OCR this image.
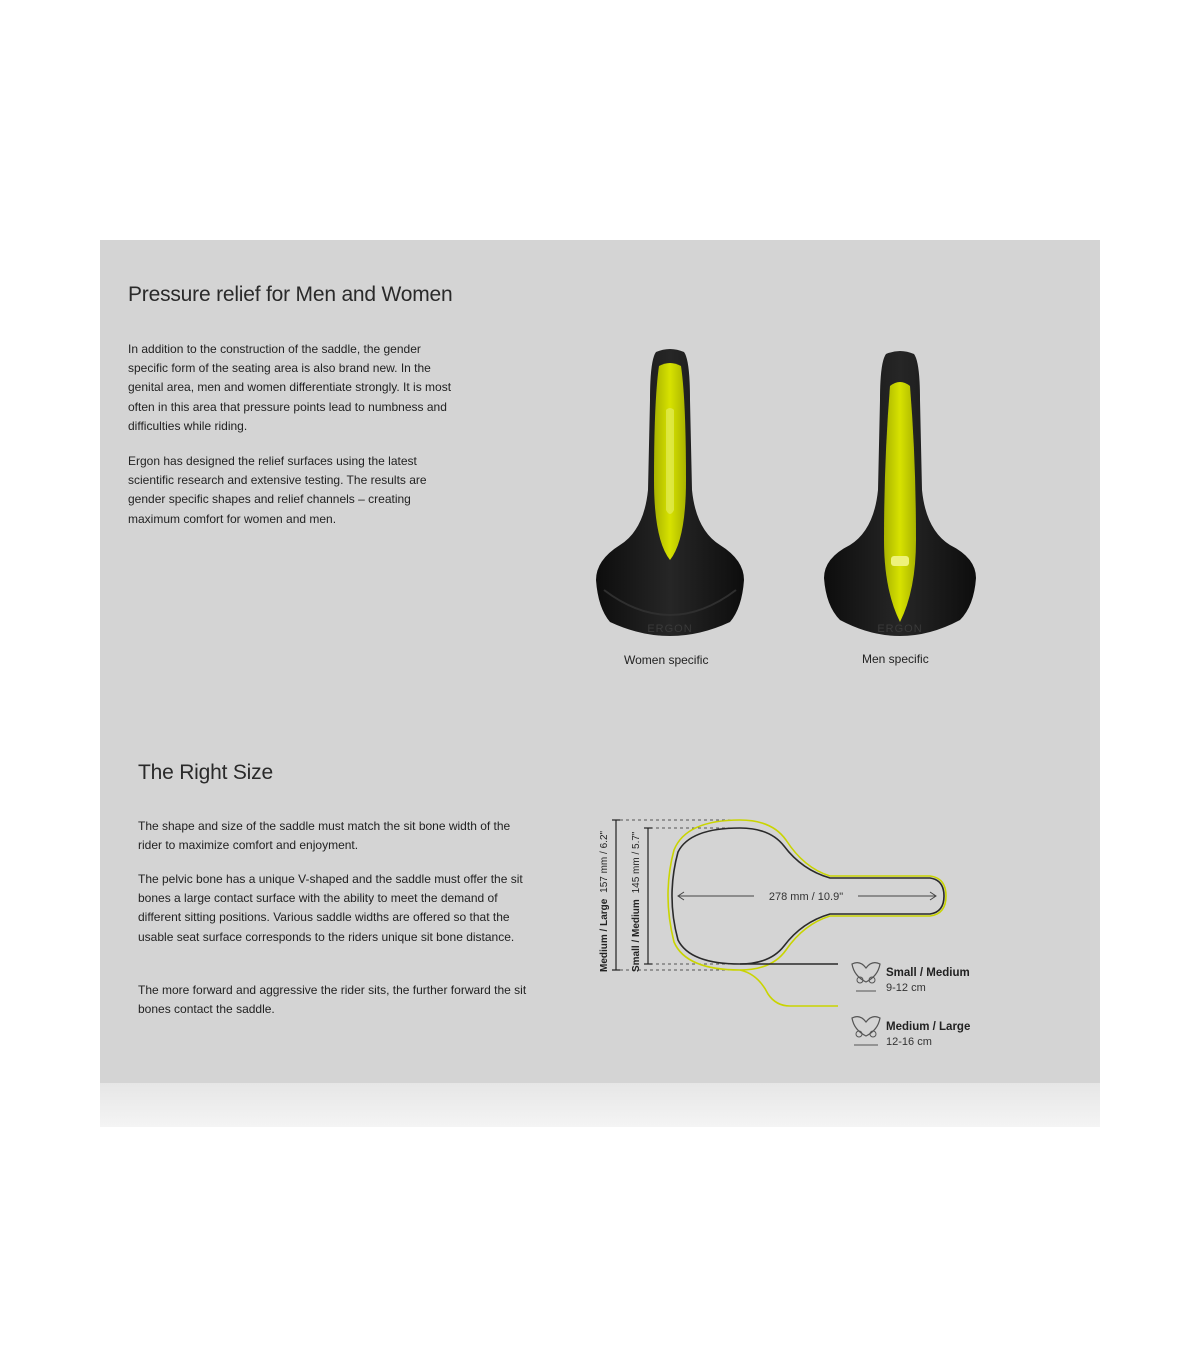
Pressure relief for Men and Women

In addition to the construction of the saddle, the gender specific form of the seating area is also brand new. In the genital area, men and women differentiate strongly. It is most often in this area that pressure points lead to numbness and difficulties while riding.

Ergon has designed the relief surfaces using the latest scientific research and extensive testing. The results are gender specific shapes and relief channels – creating maximum comfort for women and men.

ERGON	ERGON
Women specific	Men specific
The Right Size

The shape and size of the saddle must match the sit bone width of the rider to maximize comfort and enjoyment.

The pelvic bone has a unique V-shaped and the saddle must offer the sit bones a large contact surface with the ability to meet the demand of different sitting positions. Various saddle widths are offered so that the usable seat surface corresponds to the riders unique sit bone distance.

The more forward and aggressive the rider sits, the further forward the sit bones contact the saddle.

Medium / Large 157 mm / 6.2"
Small / Medium 145 mm / 5.7"
278 mm / 10.9"
Small / Medium
9-12 cm
Medium / Large
12-16 cm
